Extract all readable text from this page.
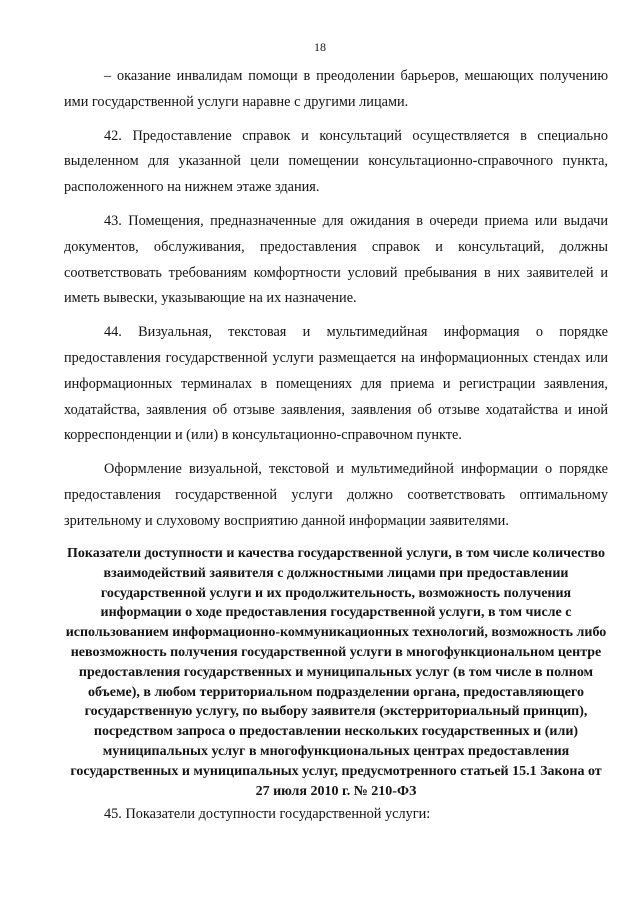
18

– оказание инвалидам помощи в преодолении барьеров, мешающих получению ими государственной услуги наравне с другими лицами.

42. Предоставление справок и консультаций осуществляется в специально выделенном для указанной цели помещении консультационно-справочного пункта, расположенного на нижнем этаже здания.

43. Помещения, предназначенные для ожидания в очереди приема или выдачи документов, обслуживания, предоставления справок и консультаций, должны соответствовать требованиям комфортности условий пребывания в них заявителей и иметь вывески, указывающие на их назначение.

44. Визуальная, текстовая и мультимедийная информация о порядке предоставления государственной услуги размещается на информационных стендах или информационных терминалах в помещениях для приема и регистрации заявления, ходатайства, заявления об отзыве заявления, заявления об отзыве ходатайства и иной корреспонденции и (или) в консультационно-справочном пункте.

Оформление визуальной, текстовой и мультимедийной информации о порядке предоставления государственной услуги должно соответствовать оптимальному зрительному и слуховому восприятию данной информации заявителями.

Показатели доступности и качества государственной услуги, в том числе количество взаимодействий заявителя с должностными лицами при предоставлении государственной услуги и их продолжительность, возможность получения информации о ходе предоставления государственной услуги, в том числе с использованием информационно-коммуникационных технологий, возможность либо невозможность получения государственной услуги в многофункциональном центре предоставления государственных и муниципальных услуг (в том числе в полном объеме), в любом территориальном подразделении органа, предоставляющего государственную услугу, по выбору заявителя (экстерриториальный принцип), посредством запроса о предоставлении нескольких государственных и (или) муниципальных услуг в многофункциональных центрах предоставления государственных и муниципальных услуг, предусмотренного статьей 15.1 Закона от 27 июля 2010 г. № 210-ФЗ

45. Показатели доступности государственной услуги:
